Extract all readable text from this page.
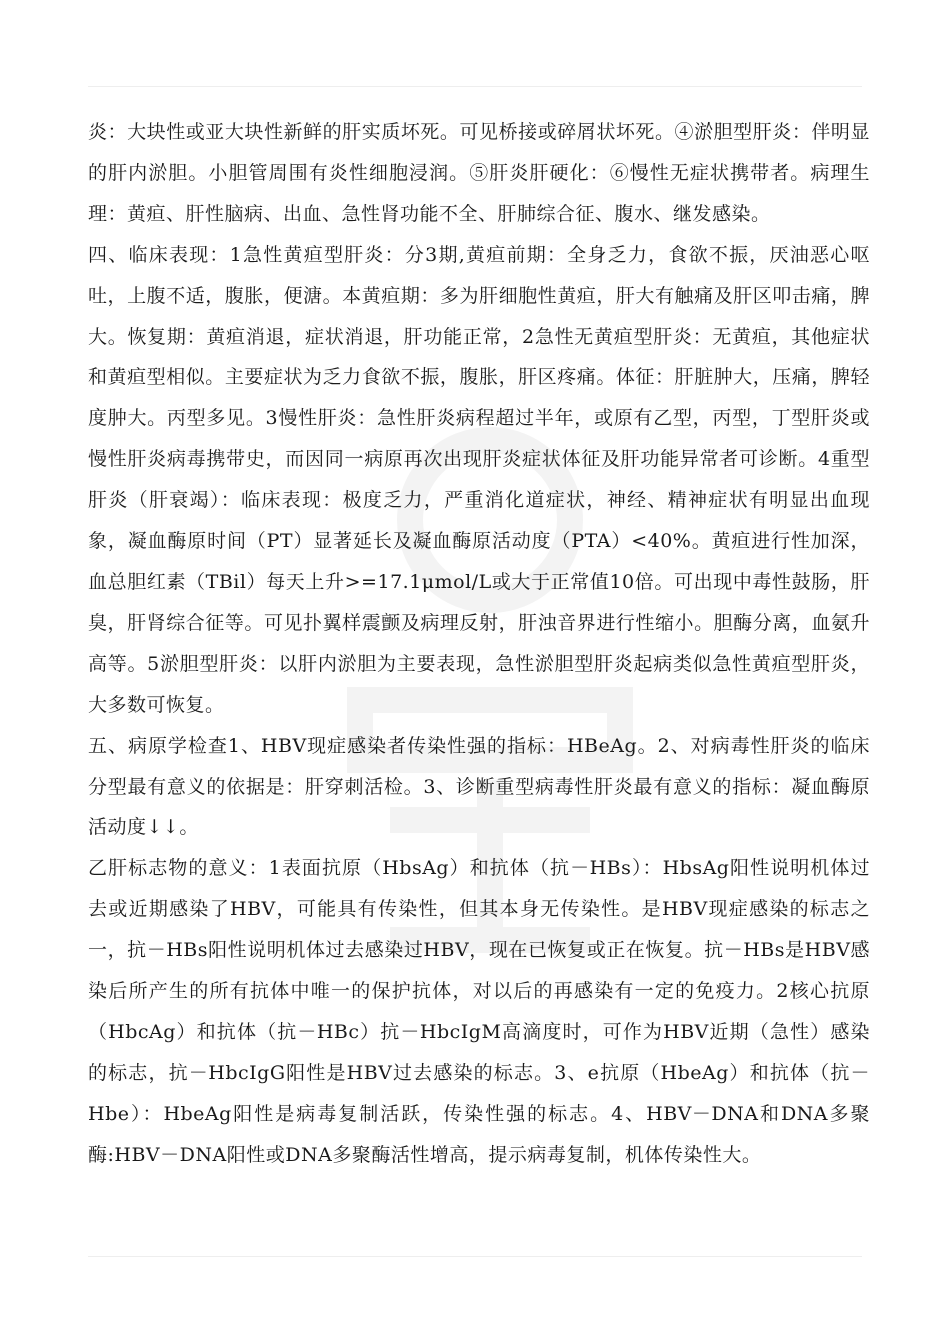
炎：大块性或亚大块性新鲜的肝实质坏死。可见桥接或碎屑状坏死。④淤胆型肝炎：伴明显的肝内淤胆。小胆管周围有炎性细胞浸润。⑤肝炎肝硬化：⑥慢性无症状携带者。病理生理：黄疸、肝性脑病、出血、急性肾功能不全、肝肺综合征、腹水、继发感染。

四、临床表现：1急性黄疸型肝炎：分3期,黄疸前期：全身乏力，食欲不振，厌油恶心呕吐，上腹不适，腹胀，便溏。本黄疸期：多为肝细胞性黄疸，肝大有触痛及肝区叩击痛，脾大。恢复期：黄疸消退，症状消退，肝功能正常，2急性无黄疸型肝炎：无黄疸，其他症状和黄疸型相似。主要症状为乏力食欲不振，腹胀，肝区疼痛。体征：肝脏肿大，压痛，脾轻度肿大。丙型多见。3慢性肝炎：急性肝炎病程超过半年，或原有乙型，丙型，丁型肝炎或慢性肝炎病毒携带史，而因同一病原再次出现肝炎症状体征及肝功能异常者可诊断。4重型肝炎（肝衰竭）：临床表现：极度乏力，严重消化道症状，神经、精神症状有明显出血现象，凝血酶原时间（PT）显著延长及凝血酶原活动度（PTA）<40%。黄疸进行性加深，血总胆红素（TBil）每天上升>=17.1μmol/L或大于正常值10倍。可出现中毒性鼓肠，肝臭，肝肾综合征等。可见扑翼样震颤及病理反射，肝浊音界进行性缩小。胆酶分离，血氨升高等。5淤胆型肝炎：以肝内淤胆为主要表现，急性淤胆型肝炎起病类似急性黄疸型肝炎，大多数可恢复。

五、病原学检查1、HBV现症感染者传染性强的指标：HBeAg。2、对病毒性肝炎的临床分型最有意义的依据是：肝穿刺活检。3、诊断重型病毒性肝炎最有意义的指标：凝血酶原活动度↓↓。

乙肝标志物的意义：1表面抗原（HbsAg）和抗体（抗－HBs）：HbsAg阳性说明机体过去或近期感染了HBV，可能具有传染性，但其本身无传染性。是HBV现症感染的标志之一，抗－HBs阳性说明机体过去感染过HBV，现在已恢复或正在恢复。抗－HBs是HBV感染后所产生的所有抗体中唯一的保护抗体，对以后的再感染有一定的免疫力。2核心抗原（HbcAg）和抗体（抗－HBc）抗－HbcIgM高滴度时，可作为HBV近期（急性）感染的标志，抗－HbcIgG阳性是HBV过去感染的标志。3、e抗原（HbeAg）和抗体（抗－Hbe）：HbeAg阳性是病毒复制活跃，传染性强的标志。4、HBV－DNA和DNA多聚酶:HBV－DNA阳性或DNA多聚酶活性增高，提示病毒复制，机体传染性大。
